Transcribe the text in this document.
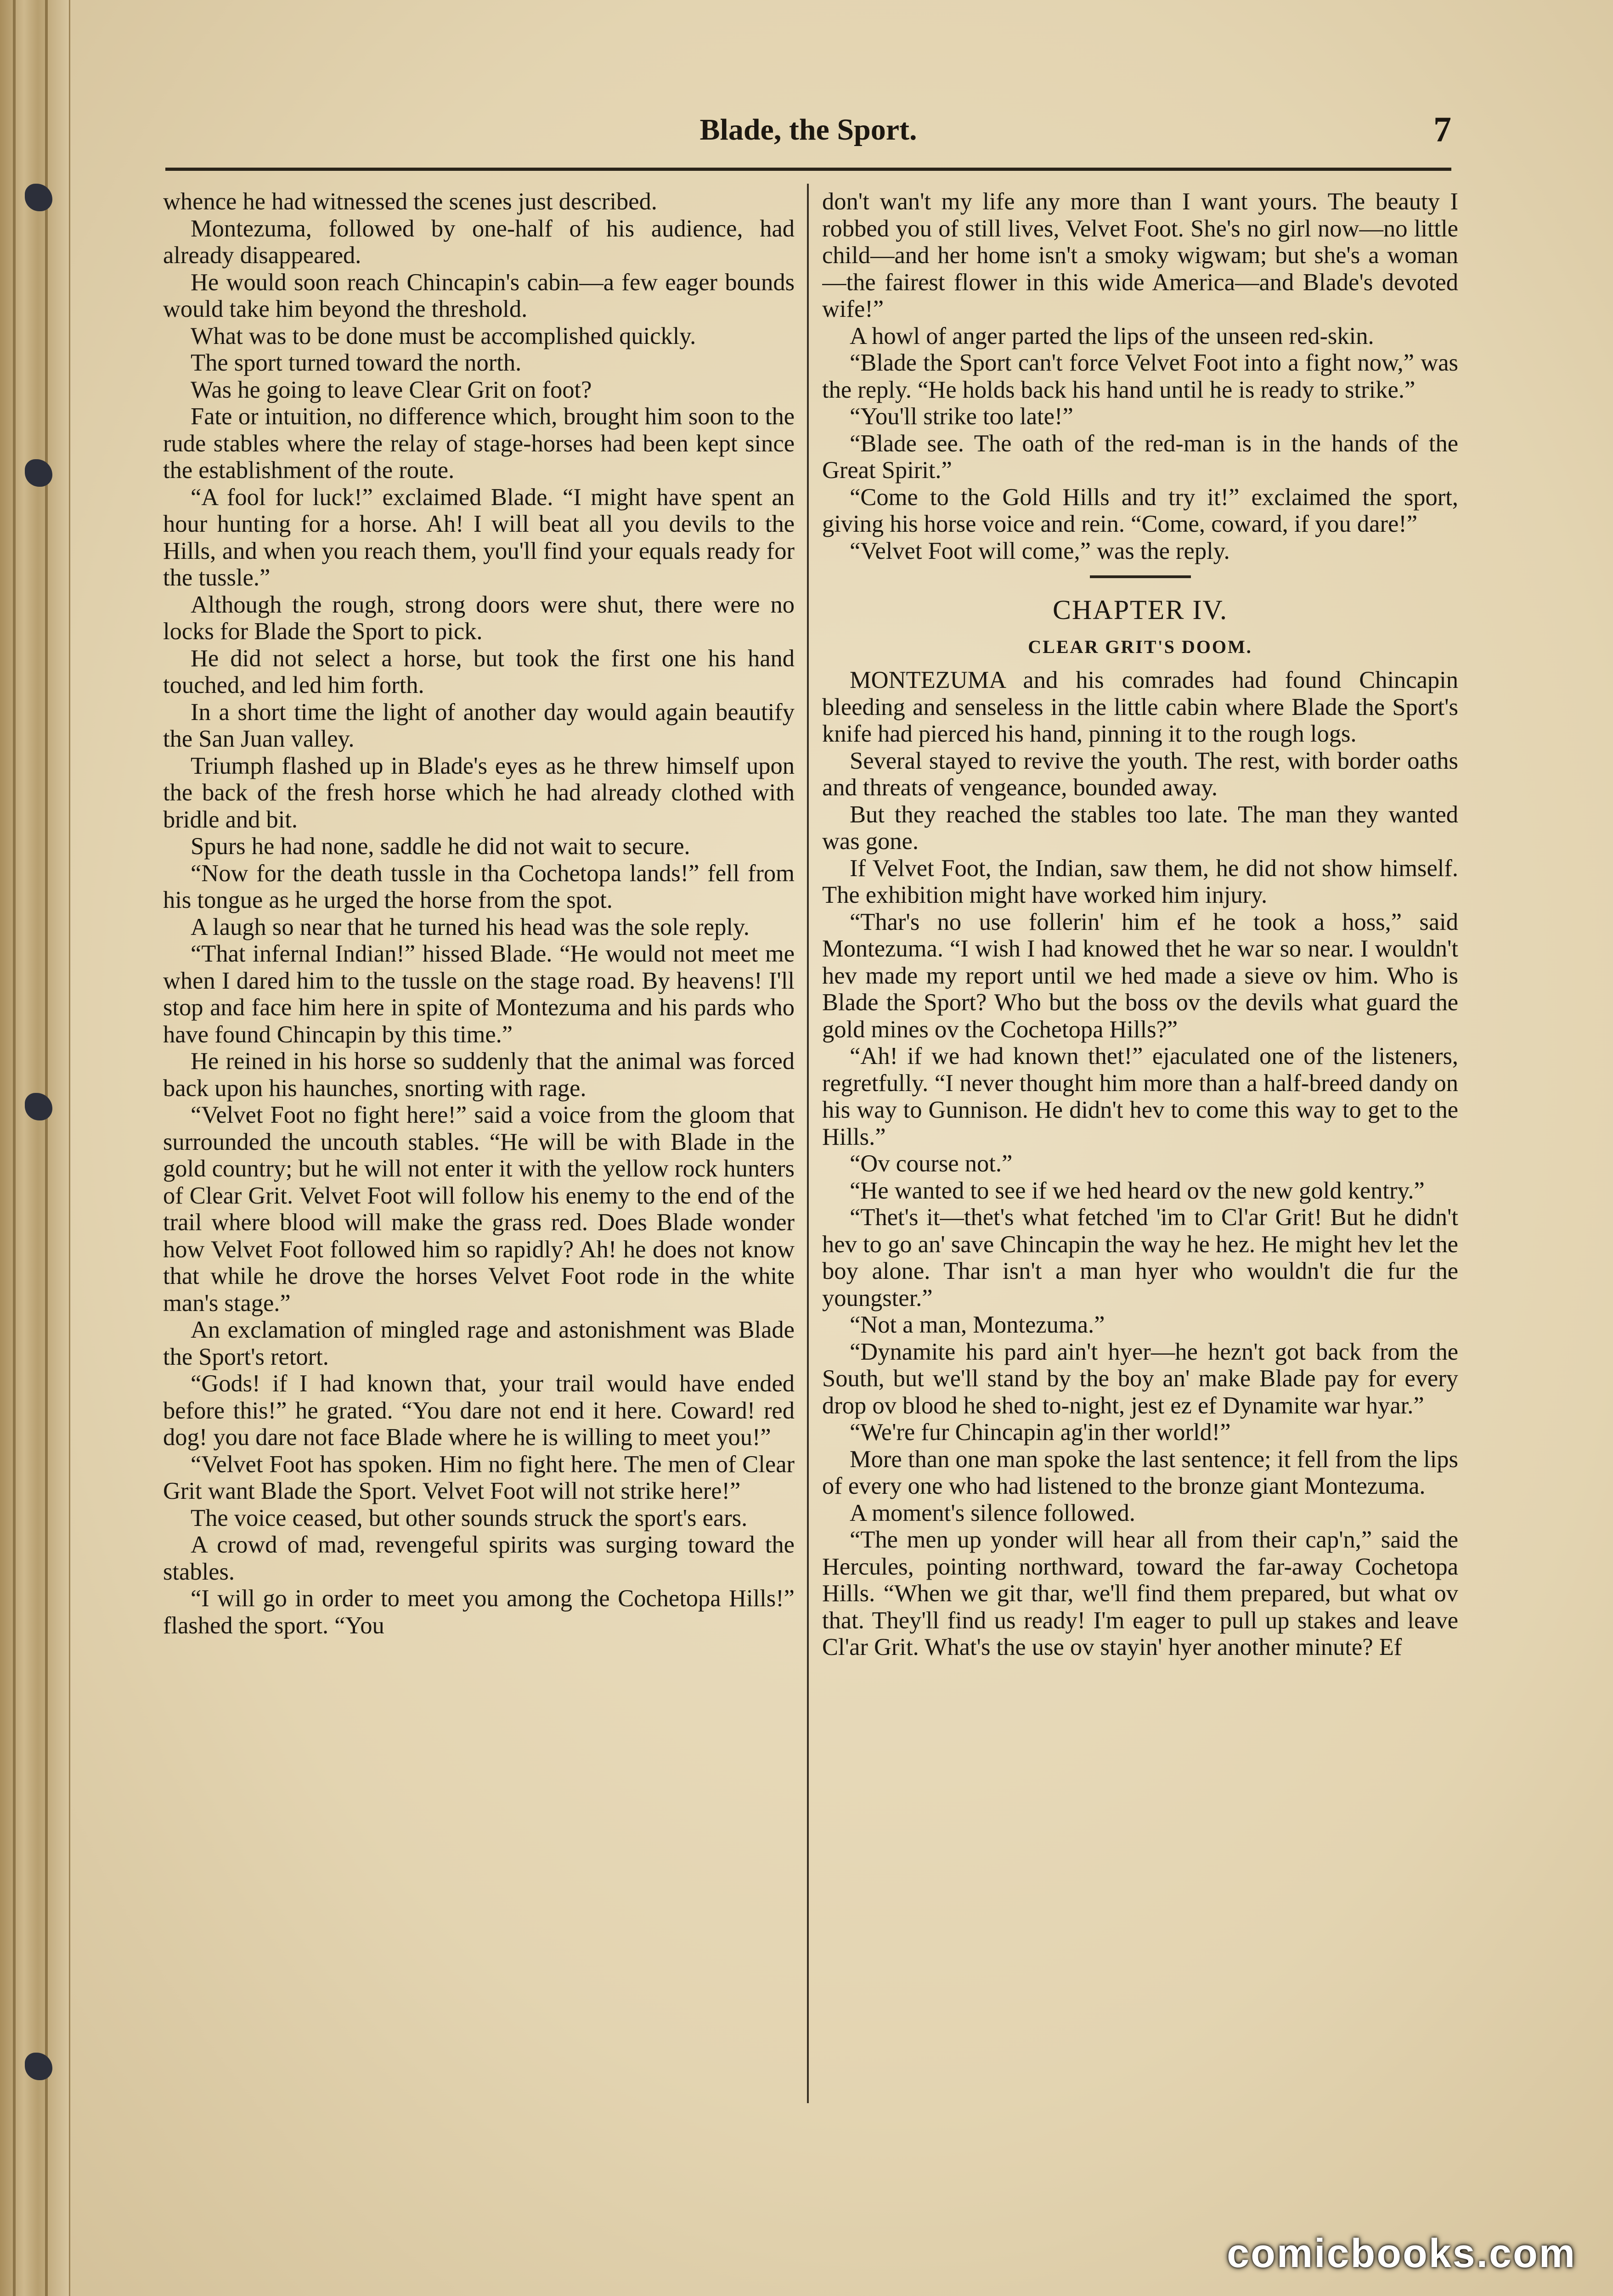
Blade, the Sport.	7

whence he had witnessed the scenes just described.

Montezuma, followed by one-half of his audience, had already disappeared.

He would soon reach Chincapin's cabin—a few eager bounds would take him beyond the threshold.

What was to be done must be accomplished quickly.

The sport turned toward the north.

Was he going to leave Clear Grit on foot?

Fate or intuition, no difference which, brought him soon to the rude stables where the relay of stage-horses had been kept since the establishment of the route.

“A fool for luck!” exclaimed Blade. “I might have spent an hour hunting for a horse. Ah! I will beat all you devils to the Hills, and when you reach them, you'll find your equals ready for the tussle.”

Although the rough, strong doors were shut, there were no locks for Blade the Sport to pick.

He did not select a horse, but took the first one his hand touched, and led him forth.

In a short time the light of another day would again beautify the San Juan valley.

Triumph flashed up in Blade's eyes as he threw himself upon the back of the fresh horse which he had already clothed with bridle and bit.

Spurs he had none, saddle he did not wait to secure.

“Now for the death tussle in tha Cochetopa lands!” fell from his tongue as he urged the horse from the spot.

A laugh so near that he turned his head was the sole reply.

“That infernal Indian!” hissed Blade. “He would not meet me when I dared him to the tussle on the stage road. By heavens! I'll stop and face him here in spite of Montezuma and his pards who have found Chincapin by this time.”

He reined in his horse so suddenly that the animal was forced back upon his haunches, snorting with rage.

“Velvet Foot no fight here!” said a voice from the gloom that surrounded the uncouth stables. “He will be with Blade in the gold country; but he will not enter it with the yellow rock hunters of Clear Grit. Velvet Foot will follow his enemy to the end of the trail where blood will make the grass red. Does Blade wonder how Velvet Foot followed him so rapidly? Ah! he does not know that while he drove the horses Velvet Foot rode in the white man's stage.”

An exclamation of mingled rage and astonishment was Blade the Sport's retort.

“Gods! if I had known that, your trail would have ended before this!” he grated. “You dare not end it here. Coward! red dog! you dare not face Blade where he is willing to meet you!”

“Velvet Foot has spoken. Him no fight here. The men of Clear Grit want Blade the Sport. Velvet Foot will not strike here!”

The voice ceased, but other sounds struck the sport's ears.

A crowd of mad, revengeful spirits was surging toward the stables.

“I will go in order to meet you among the Cochetopa Hills!” flashed the sport. “You

don't wan't my life any more than I want yours. The beauty I robbed you of still lives, Velvet Foot. She's no girl now—no little child—and her home isn't a smoky wigwam; but she's a woman—the fairest flower in this wide America—and Blade's devoted wife!”

A howl of anger parted the lips of the unseen red-skin.

“Blade the Sport can't force Velvet Foot into a fight now,” was the reply. “He holds back his hand until he is ready to strike.”

“You'll strike too late!”

“Blade see. The oath of the red-man is in the hands of the Great Spirit.”

“Come to the Gold Hills and try it!” exclaimed the sport, giving his horse voice and rein. “Come, coward, if you dare!”

“Velvet Foot will come,” was the reply.

CHAPTER IV.
CLEAR GRIT'S DOOM.

MONTEZUMA and his comrades had found Chincapin bleeding and senseless in the little cabin where Blade the Sport's knife had pierced his hand, pinning it to the rough logs.

Several stayed to revive the youth. The rest, with border oaths and threats of vengeance, bounded away.

But they reached the stables too late. The man they wanted was gone.

If Velvet Foot, the Indian, saw them, he did not show himself. The exhibition might have worked him injury.

“Thar's no use follerin' him ef he took a hoss,” said Montezuma. “I wish I had knowed thet he war so near. I wouldn't hev made my report until we hed made a sieve ov him. Who is Blade the Sport? Who but the boss ov the devils what guard the gold mines ov the Cochetopa Hills?”

“Ah! if we had known thet!” ejaculated one of the listeners, regretfully. “I never thought him more than a half-breed dandy on his way to Gunnison. He didn't hev to come this way to get to the Hills.”

“Ov course not.”

“He wanted to see if we hed heard ov the new gold kentry.”

“Thet's it—thet's what fetched 'im to Cl'ar Grit! But he didn't hev to go an' save Chincapin the way he hez. He might hev let the boy alone. Thar isn't a man hyer who wouldn't die fur the youngster.”

“Not a man, Montezuma.”

“Dynamite his pard ain't hyer—he hezn't got back from the South, but we'll stand by the boy an' make Blade pay for every drop ov blood he shed to-night, jest ez ef Dynamite war hyar.”

“We're fur Chincapin ag'in ther world!”

More than one man spoke the last sentence; it fell from the lips of every one who had listened to the bronze giant Montezuma.

A moment's silence followed.

“The men up yonder will hear all from their cap'n,” said the Hercules, pointing northward, toward the far-away Cochetopa Hills. “When we git thar, we'll find them prepared, but what ov that. They'll find us ready! I'm eager to pull up stakes and leave Cl'ar Grit. What's the use ov stayin' hyer another minute? Ef

comicbooks.com
